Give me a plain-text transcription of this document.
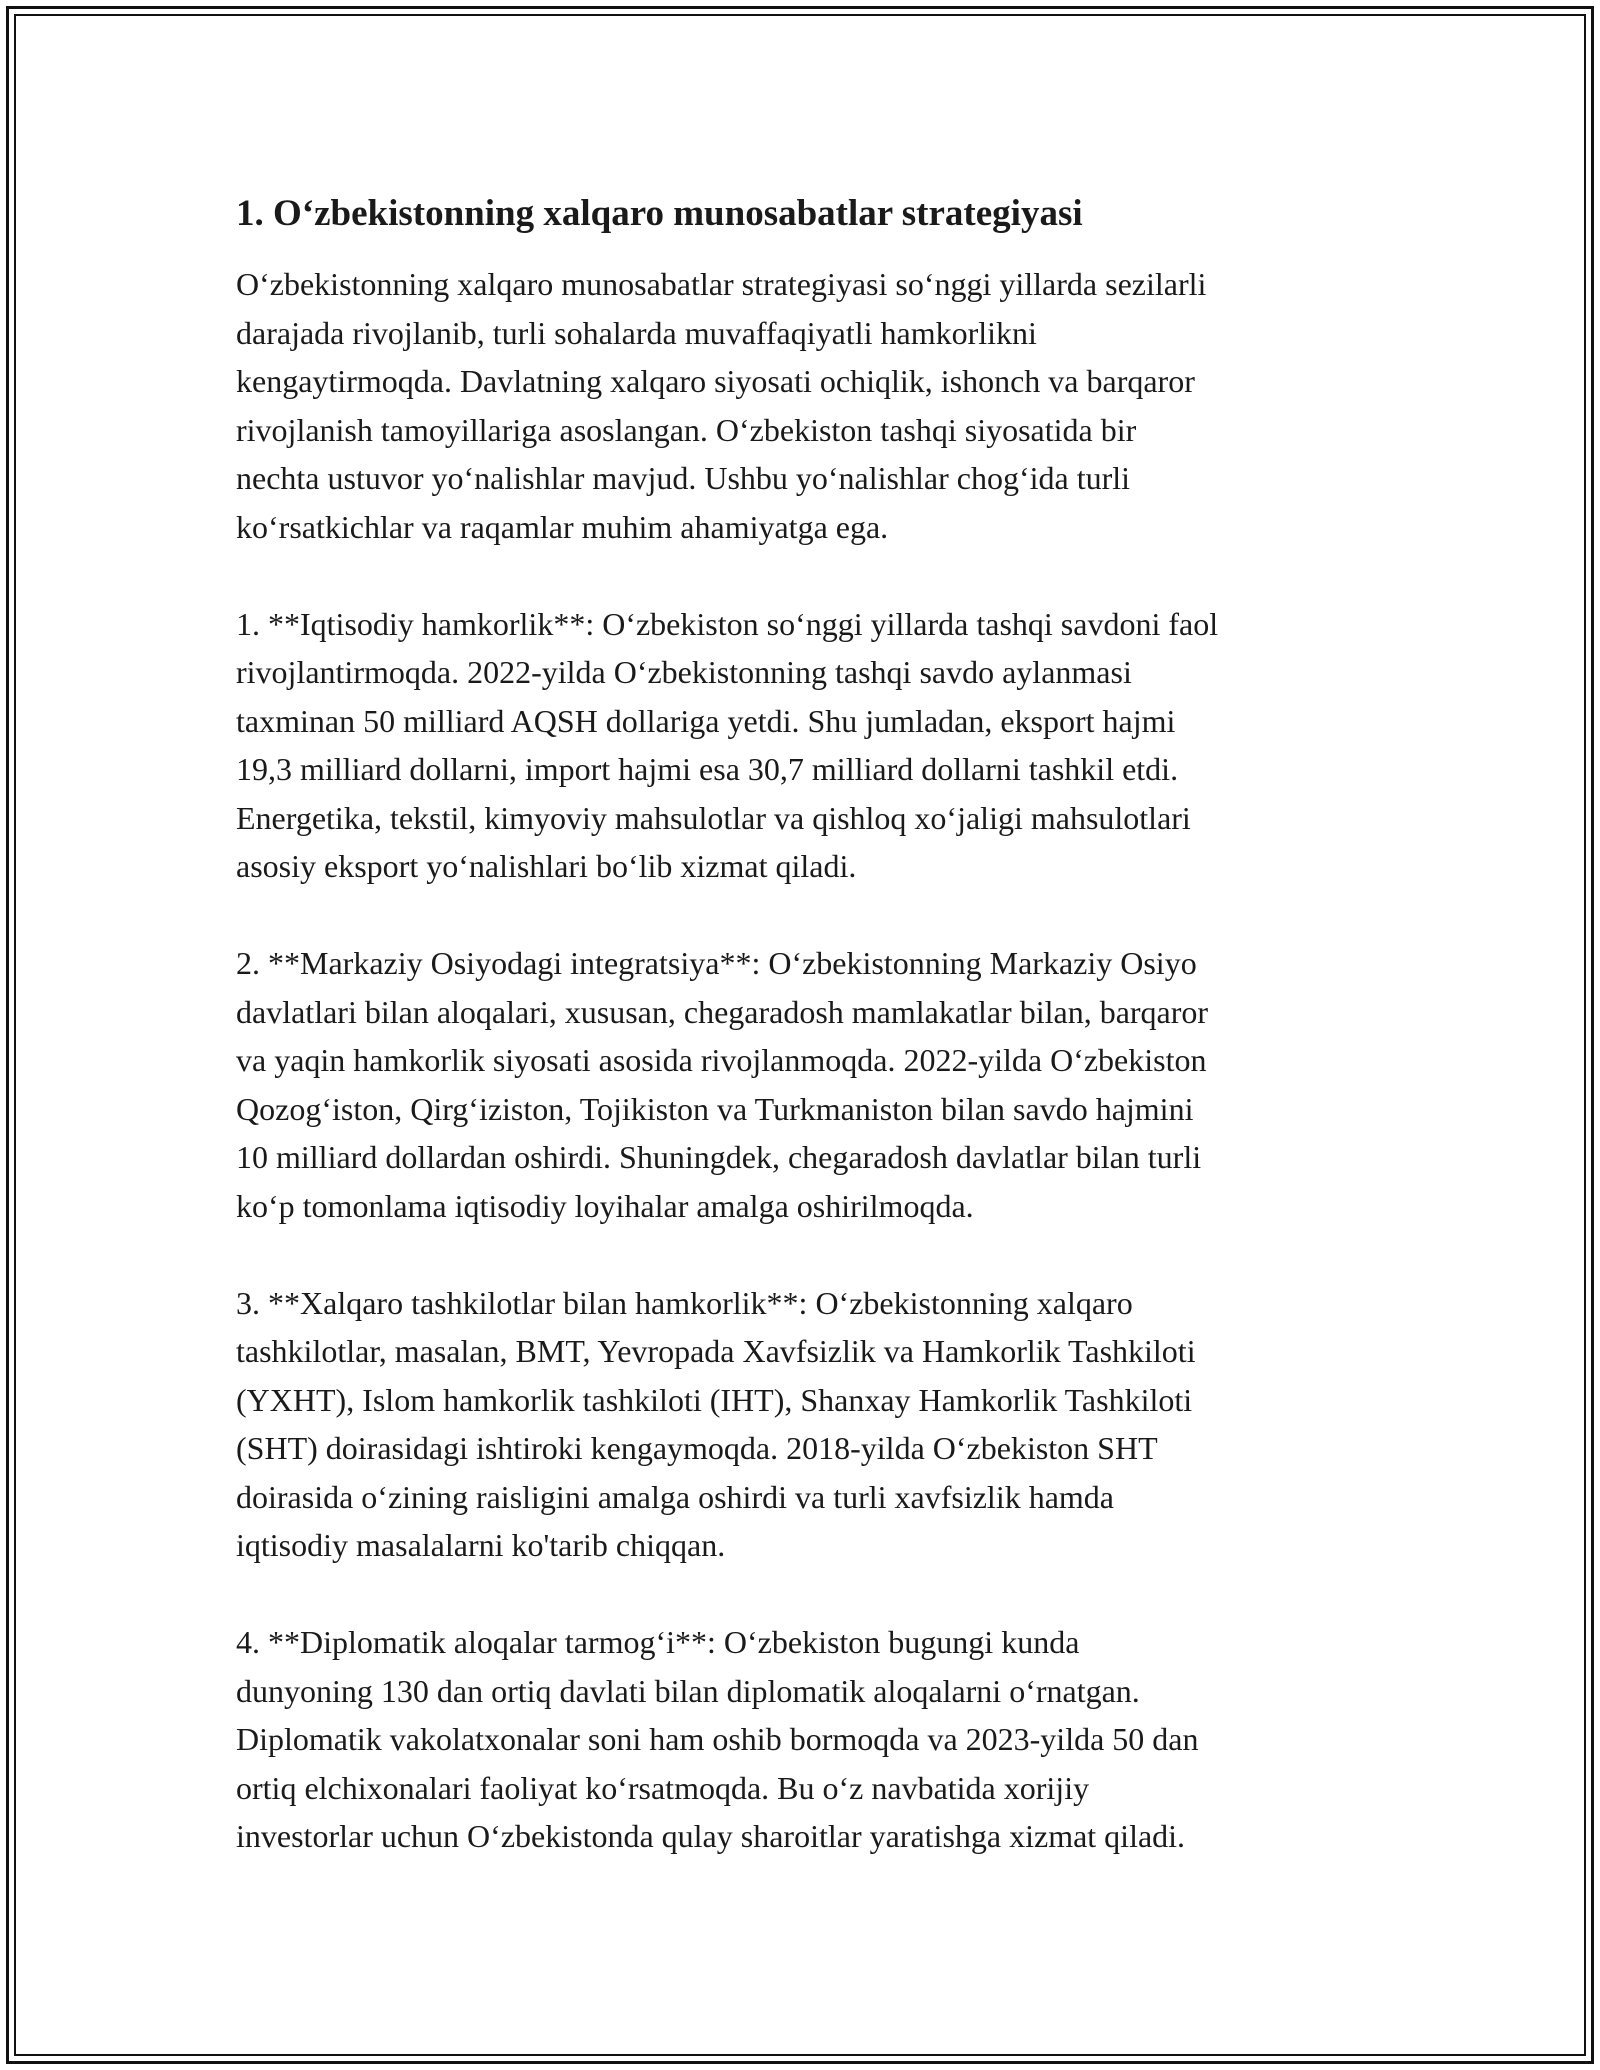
1. O‘zbekistonning xalqaro munosabatlar strategiyasi

O‘zbekistonning xalqaro munosabatlar strategiyasi so‘nggi yillarda sezilarli
darajada rivojlanib, turli sohalarda muvaffaqiyatli hamkorlikni
kengaytirmoqda. Davlatning xalqaro siyosati ochiqlik, ishonch va barqaror
rivojlanish tamoyillariga asoslangan. O‘zbekiston tashqi siyosatida bir
nechta ustuvor yo‘nalishlar mavjud. Ushbu yo‘nalishlar chog‘ida turli
ko‘rsatkichlar va raqamlar muhim ahamiyatga ega.

1. **Iqtisodiy hamkorlik**: O‘zbekiston so‘nggi yillarda tashqi savdoni faol
rivojlantirmoqda. 2022-yilda O‘zbekistonning tashqi savdo aylanmasi
taxminan 50 milliard AQSH dollariga yetdi. Shu jumladan, eksport hajmi
19,3 milliard dollarni, import hajmi esa 30,7 milliard dollarni tashkil etdi.
Energetika, tekstil, kimyoviy mahsulotlar va qishloq xo‘jaligi mahsulotlari
asosiy eksport yo‘nalishlari bo‘lib xizmat qiladi.

2. **Markaziy Osiyodagi integratsiya**: O‘zbekistonning Markaziy Osiyo
davlatlari bilan aloqalari, xususan, chegaradosh mamlakatlar bilan, barqaror
va yaqin hamkorlik siyosati asosida rivojlanmoqda. 2022-yilda O‘zbekiston
Qozog‘iston, Qirg‘iziston, Tojikiston va Turkmaniston bilan savdo hajmini
10 milliard dollardan oshirdi. Shuningdek, chegaradosh davlatlar bilan turli
ko‘p tomonlama iqtisodiy loyihalar amalga oshirilmoqda.

3. **Xalqaro tashkilotlar bilan hamkorlik**: O‘zbekistonning xalqaro
tashkilotlar, masalan, BMT, Yevropada Xavfsizlik va Hamkorlik Tashkiloti
(YXHT), Islom hamkorlik tashkiloti (IHT), Shanxay Hamkorlik Tashkiloti
(SHT) doirasidagi ishtiroki kengaymoqda. 2018-yilda O‘zbekiston SHT
doirasida o‘zining raisligini amalga oshirdi va turli xavfsizlik hamda
iqtisodiy masalalarni ko'tarib chiqqan.

4. **Diplomatik aloqalar tarmog‘i**: O‘zbekiston bugungi kunda
dunyoning 130 dan ortiq davlati bilan diplomatik aloqalarni o‘rnatgan.
Diplomatik vakolatxonalar soni ham oshib bormoqda va 2023-yilda 50 dan
ortiq elchixonalari faoliyat ko‘rsatmoqda. Bu o‘z navbatida xorijiy
investorlar uchun O‘zbekistonda qulay sharoitlar yaratishga xizmat qiladi.
